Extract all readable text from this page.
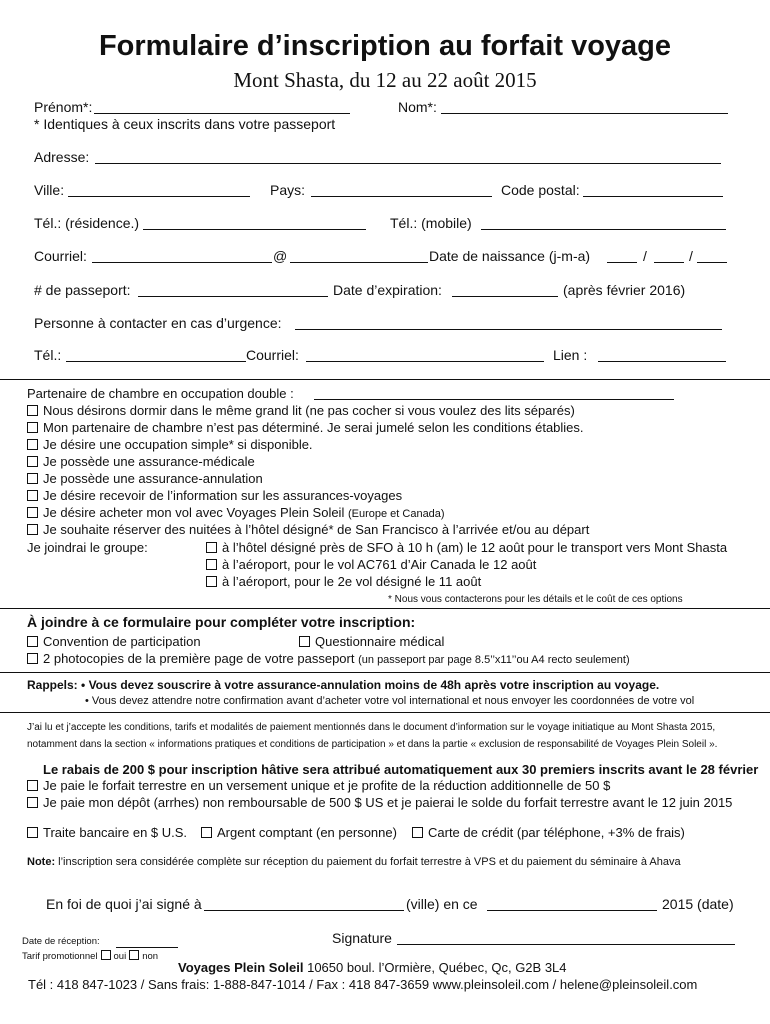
Formulaire d’inscription au forfait voyage
Mont Shasta, du 12 au 22 août 2015
Prénom*:	Nom*:
* Identiques à ceux inscrits dans votre passeport
Adresse:
Ville:	Pays:	Code postal:
Tél.: (résidence.)	Tél.: (mobile)
Courriel:	@	Date de naissance (j-m-a)	/	/
# de passeport:	Date d’expiration:	(après février 2016)
Personne à contacter en cas d’urgence:
Tél.:	Courriel:	Lien :
Partenaire de chambre en occupation double :
Nous désirons dormir dans le même grand lit (ne pas cocher si vous voulez des lits séparés)
Mon partenaire de chambre n’est pas déterminé. Je serai jumelé selon les conditions établies.
Je désire une occupation simple* si disponible.
Je possède une assurance-médicale
Je possède une assurance-annulation
Je désire recevoir de l’information sur les assurances-voyages
Je désire acheter mon vol avec Voyages Plein Soleil (Europe et Canada)
Je souhaite réserver des nuitées à l’hôtel désigné* de San Francisco à l’arrivée et/ou au départ
Je joindrai le groupe:	à l’hôtel désigné près de SFO à 10 h (am) le 12 août pour le transport vers Mont Shasta
à l’aéroport, pour le vol AC761 d’Air Canada le 12 août
à l’aéroport, pour le 2e vol désigné le 11 août
* Nous vous contacterons pour les détails et le coût de ces options
À joindre à ce formulaire pour compléter votre inscription:
Convention de participation	Questionnaire médical
2 photocopies de la première page de votre passeport (un passeport par page 8.5’’x11’’ou A4 recto seulement)
Rappels: • Vous devez souscrire à votre assurance-annulation moins de 48h après votre inscription au voyage.
• Vous devez attendre notre confirmation avant d’acheter votre vol international et nous envoyer les coordonnées de votre vol
J’ai lu et j’accepte les conditions, tarifs et modalités de paiement mentionnés dans le document d’information sur le voyage initiatique au Mont Shasta 2015,
notamment dans la section « informations pratiques et conditions de participation » et dans la partie « exclusion de responsabilité de Voyages Plein Soleil ».
Le rabais de 200 $ pour inscription hâtive sera attribué automatiquement aux 30 premiers inscrits avant le 28 février
Je paie le forfait terrestre en un versement unique et je profite de la réduction additionnelle de 50 $
Je paie mon dépôt (arrhes) non remboursable de 500 $ US et je paierai le solde du forfait terrestre avant le 12 juin 2015
Traite bancaire en $ U.S.	Argent comptant (en personne)	Carte de crédit (par téléphone, +3% de frais)
Note: l’inscription sera considérée complète sur réception du paiement du forfait terrestre à VPS et du paiement du séminaire à Ahava
En foi de quoi j’ai signé à	(ville) en ce	2015 (date)
Signature
Date de réception:
Tarif promotionnel oui non
Voyages Plein Soleil 10650 boul. l’Ormière, Québec, Qc, G2B 3L4
Tél : 418 847-1023 / Sans frais: 1-888-847-1014 / Fax : 418 847-3659 www.pleinsoleil.com / helene@pleinsoleil.com
